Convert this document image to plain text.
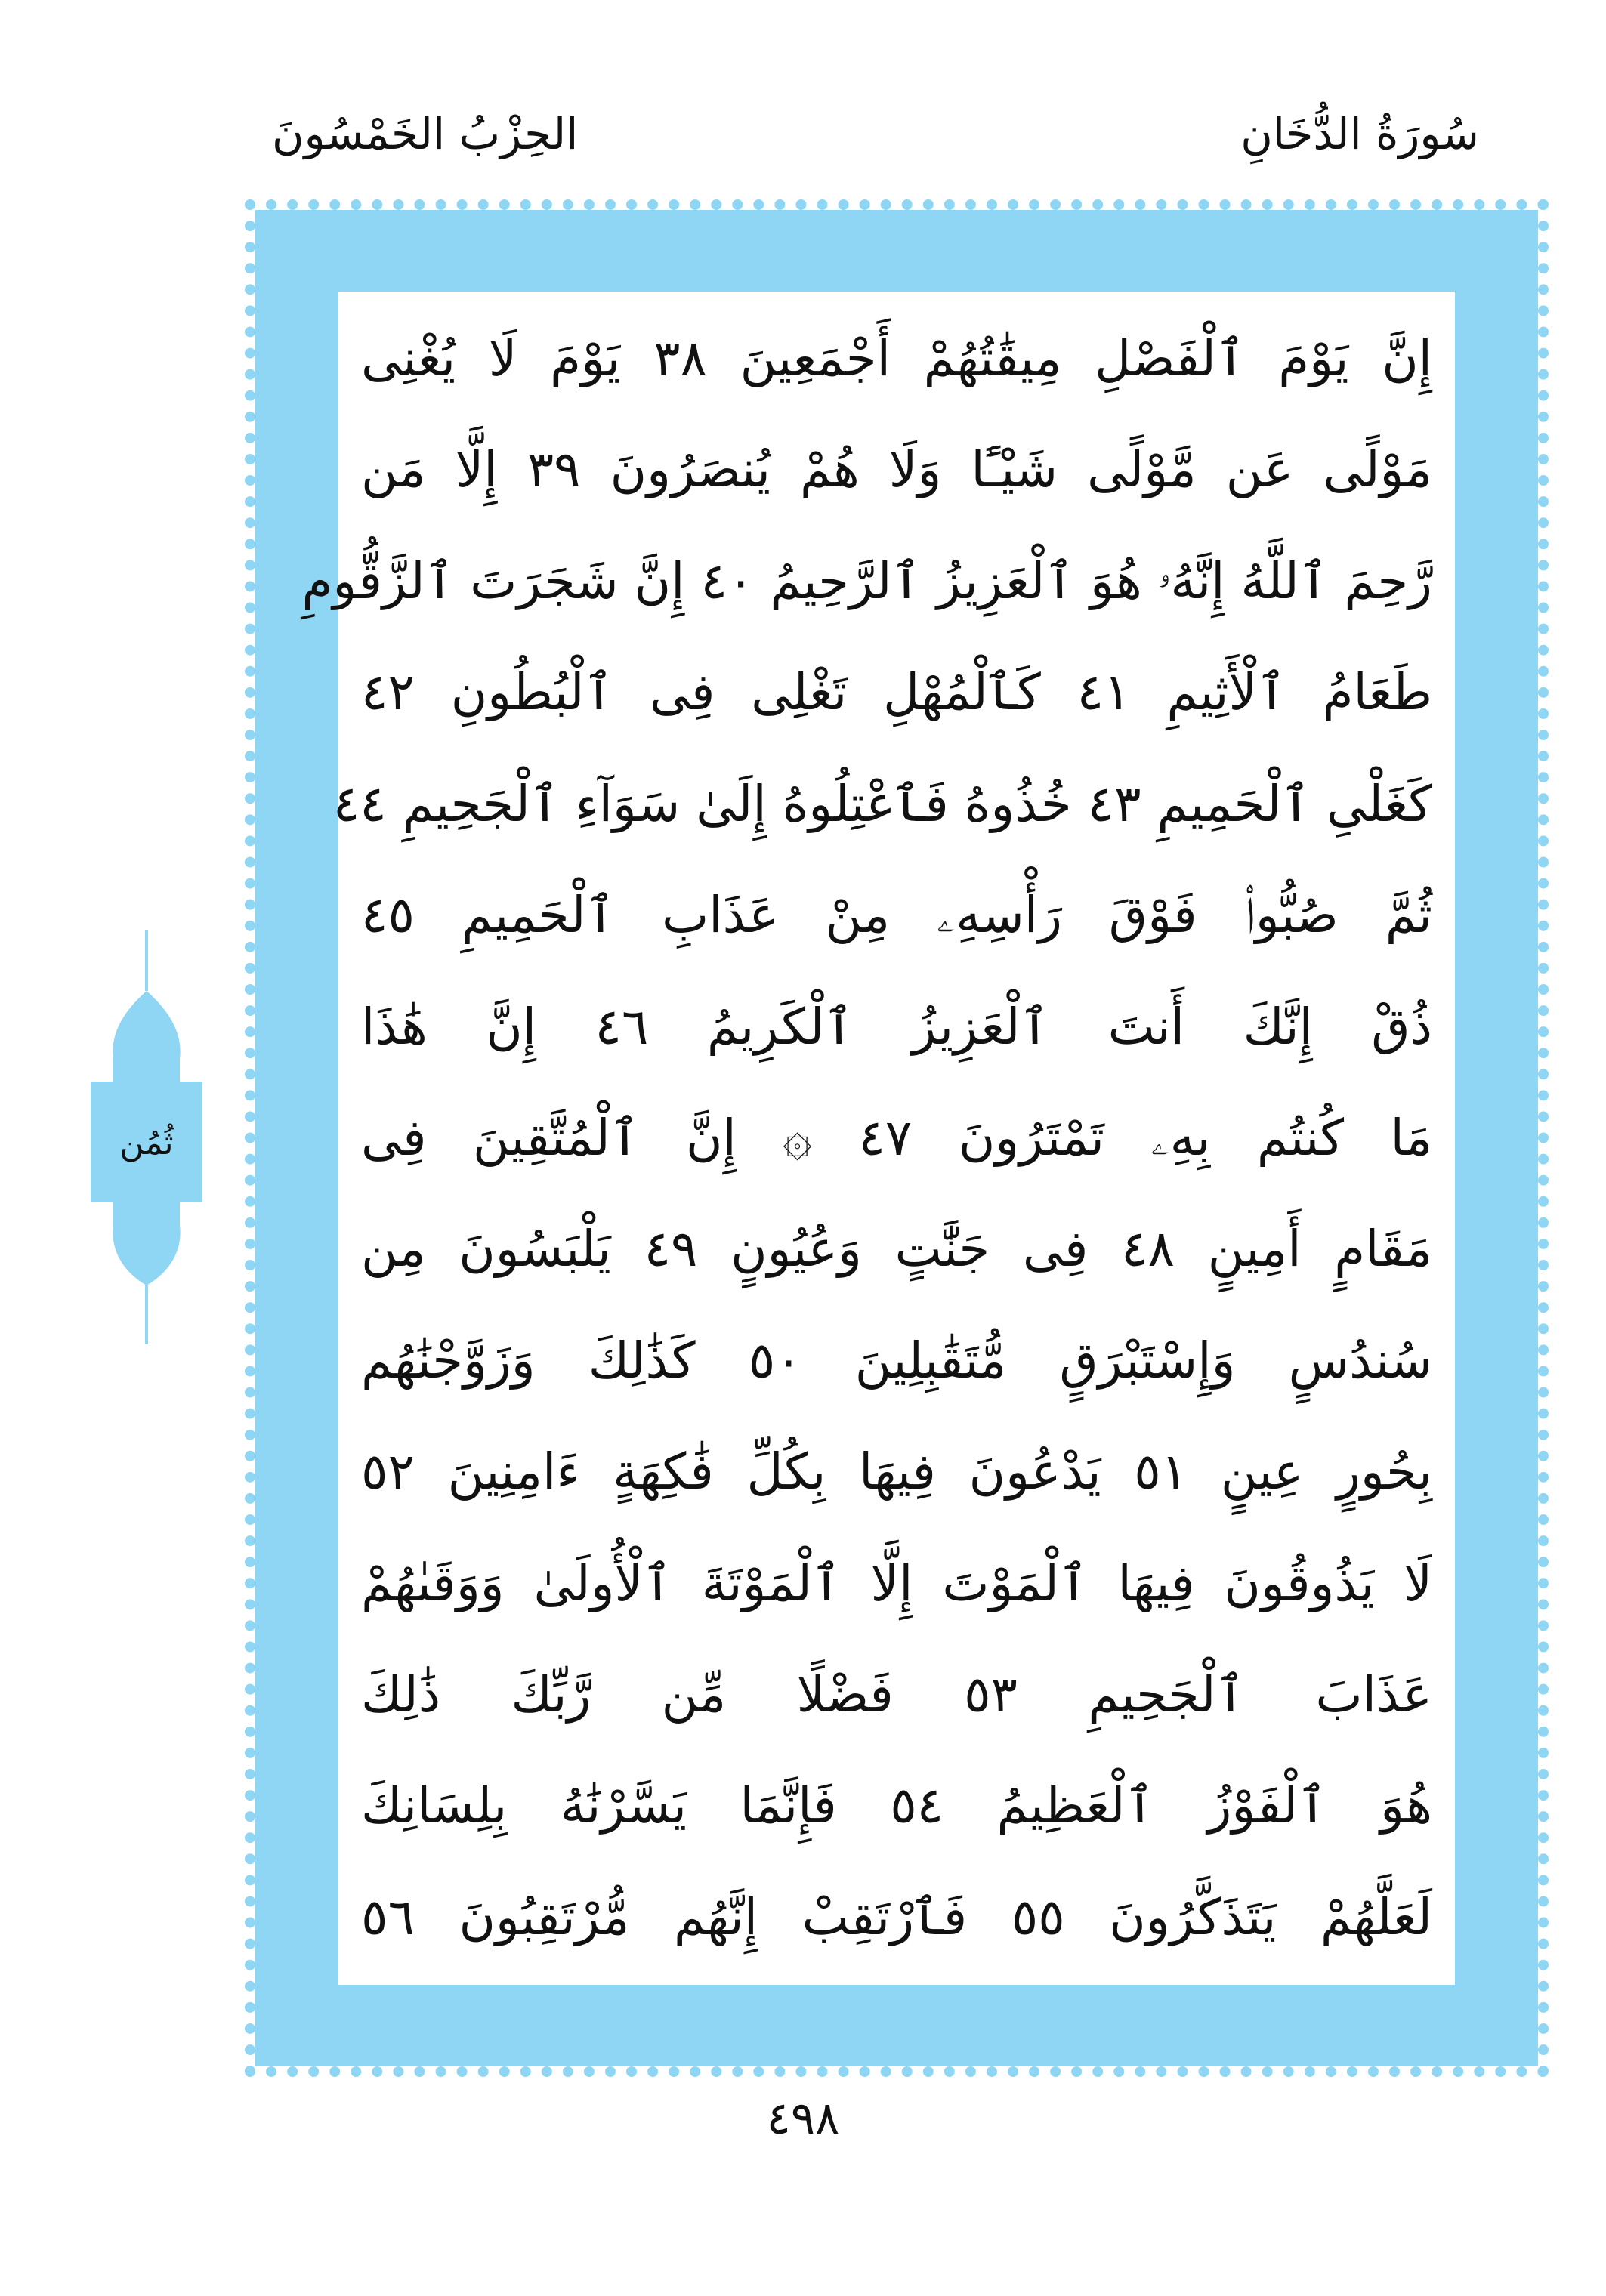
سُورَةُ الدُّخَانِ
الحِزْبُ الخَمْسُونَ
إِنَّ يَوْمَ ٱلْفَصْلِ مِيقَٰتُهُمْ أَجْمَعِينَ ٣٨ يَوْمَ لَا يُغْنِى
مَوْلًى عَن مَّوْلًى شَيْـًٔا وَلَا هُمْ يُنصَرُونَ ٣٩ إِلَّا مَن
رَّحِمَ ٱللَّهُ إِنَّهُۥ هُوَ ٱلْعَزِيزُ ٱلرَّحِيمُ ٤٠ إِنَّ شَجَرَتَ ٱلزَّقُّومِ
طَعَامُ ٱلْأَثِيمِ ٤١ كَٱلْمُهْلِ تَغْلِى فِى ٱلْبُطُونِ ٤٢
كَغَلْىِ ٱلْحَمِيمِ ٤٣ خُذُوهُ فَٱعْتِلُوهُ إِلَىٰ سَوَآءِ ٱلْجَحِيمِ ٤٤
ثُمَّ صُبُّوا۟ فَوْقَ رَأْسِهِۦ مِنْ عَذَابِ ٱلْحَمِيمِ ٤٥
ذُقْ إِنَّكَ أَنتَ ٱلْعَزِيزُ ٱلْكَرِيمُ ٤٦ إِنَّ هَٰذَا
مَا كُنتُم بِهِۦ تَمْتَرُونَ ٤٧ ۞ إِنَّ ٱلْمُتَّقِينَ فِى
مَقَامٍ أَمِينٍ ٤٨ فِى جَنَّٰتٍ وَعُيُونٍ ٤٩ يَلْبَسُونَ مِن
سُندُسٍ وَإِسْتَبْرَقٍ مُّتَقَٰبِلِينَ ٥٠ كَذَٰلِكَ وَزَوَّجْنَٰهُم
بِحُورٍ عِينٍ ٥١ يَدْعُونَ فِيهَا بِكُلِّ فَٰكِهَةٍ ءَامِنِينَ ٥٢
لَا يَذُوقُونَ فِيهَا ٱلْمَوْتَ إِلَّا ٱلْمَوْتَةَ ٱلْأُولَىٰ وَوَقَىٰهُمْ
عَذَابَ ٱلْجَحِيمِ ٥٣ فَضْلًا مِّن رَّبِّكَ ذَٰلِكَ
هُوَ ٱلْفَوْزُ ٱلْعَظِيمُ ٥٤ فَإِنَّمَا يَسَّرْنَٰهُ بِلِسَانِكَ
لَعَلَّهُمْ يَتَذَكَّرُونَ ٥٥ فَٱرْتَقِبْ إِنَّهُم مُّرْتَقِبُونَ ٥٦
ثُمُن
٤٩٨
